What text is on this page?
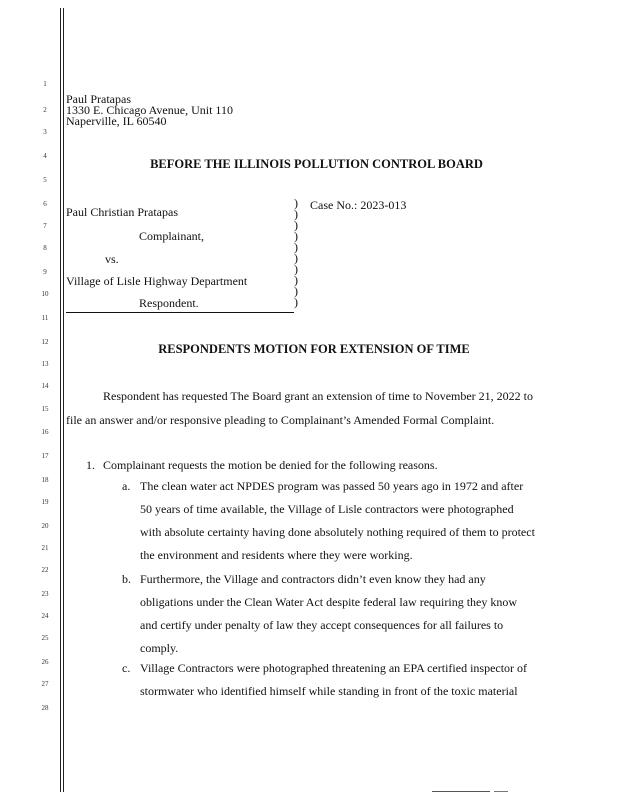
1
2
3
4
5
6
7
8
9
10
11
12
13
14
15
16
17
18
19
20
21
22
23
24
25
26
27
28
Paul Pratapas
1330 E. Chicago Avenue, Unit 110
Naperville, IL 60540
BEFORE THE ILLINOIS POLLUTION CONTROL BOARD
Paul Christian Pratapas
Complainant,
vs.
Village of Lisle Highway Department
Respondent.
)
)
)
)
)
)
)
)
)
)
Case No.: 2023-013
RESPONDENTS MOTION FOR EXTENSION OF TIME
Respondent has requested The Board grant an extension of time to November 21, 2022 to
file an answer and/or responsive pleading to Complainant’s Amended Formal Complaint.
1. Complainant requests the motion be denied for the following reasons.
a. The clean water act NPDES program was passed 50 years ago in 1972 and after
50 years of time available, the Village of Lisle contractors were photographed
with absolute certainty having done absolutely nothing required of them to protect
the environment and residents where they were working.
b. Furthermore, the Village and contractors didn’t even know they had any
obligations under the Clean Water Act despite federal law requiring they know
and certify under penalty of law they accept consequences for all failures to
comply.
c. Village Contractors were photographed threatening an EPA certified inspector of
stormwater who identified himself while standing in front of the toxic material
